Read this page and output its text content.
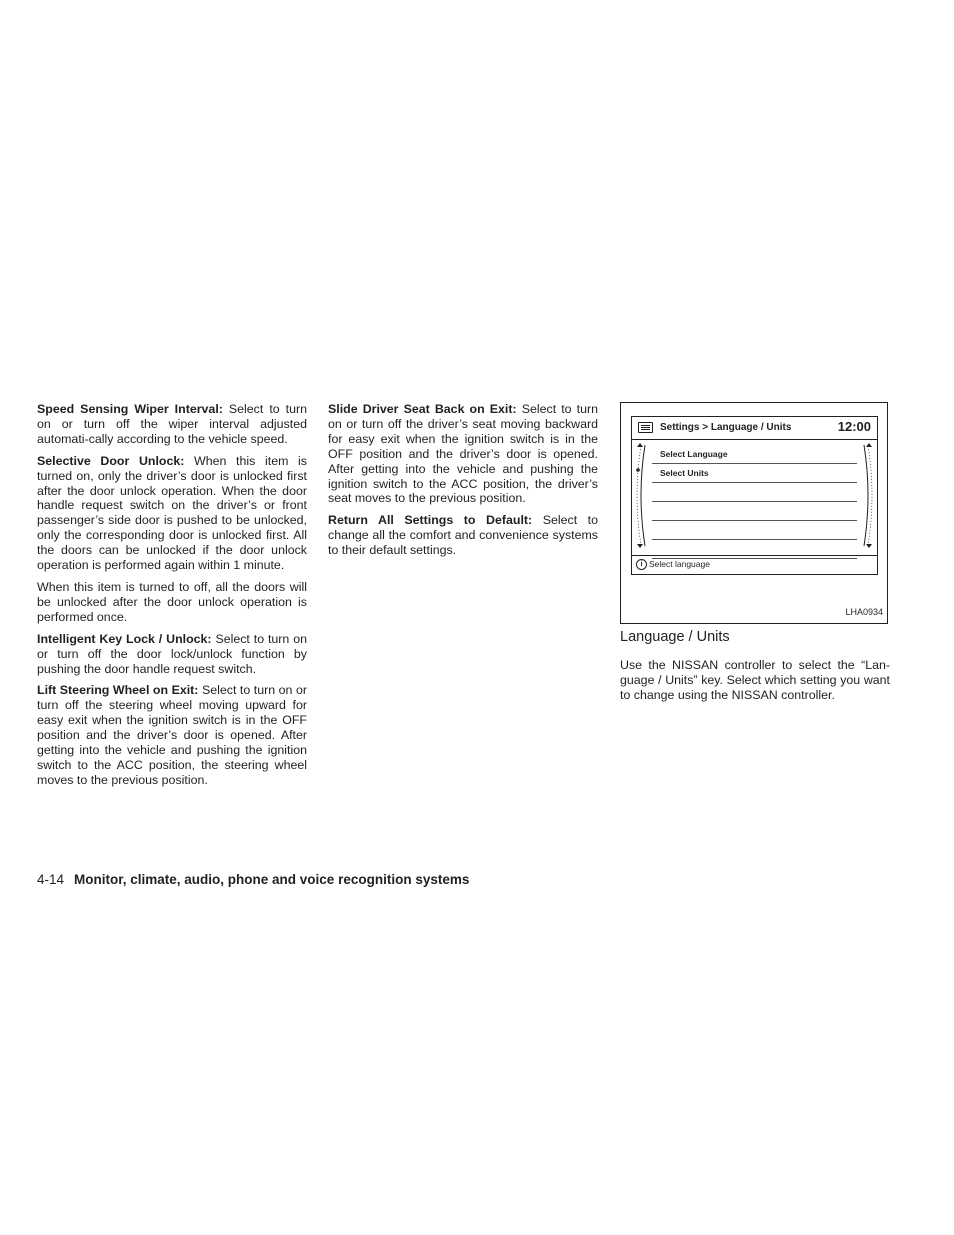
Speed Sensing Wiper Interval: Select to turn on or turn off the wiper interval adjusted automati-cally according to the vehicle speed.

Selective Door Unlock: When this item is turned on, only the driver’s door is unlocked first after the door unlock operation. When the door handle request switch on the driver’s or front passenger’s side door is pushed to be unlocked, only the corresponding door is unlocked first. All the doors can be unlocked if the door unlock operation is performed again within 1 minute.

When this item is turned to off, all the doors will be unlocked after the door unlock operation is performed once.

Intelligent Key Lock / Unlock: Select to turn on or turn off the door lock/unlock function by pushing the door handle request switch.

Lift Steering Wheel on Exit: Select to turn on or turn off the steering wheel moving upward for easy exit when the ignition switch is in the OFF position and the driver’s door is opened. After getting into the vehicle and pushing the ignition switch to the ACC position, the steering wheel moves to the previous position.

Slide Driver Seat Back on Exit: Select to turn on or turn off the driver’s seat moving backward for easy exit when the ignition switch is in the OFF position and the driver’s door is opened. After getting into the vehicle and pushing the ignition switch to the ACC position, the driver’s seat moves to the previous position.

Return All Settings to Default: Select to change all the comfort and convenience systems to their default settings.

Settings > Language / Units	12:00
Select Language
Select Units
i Select language
LHA0934
Language / Units

Use the NISSAN controller to select the “Lan-guage / Units” key. Select which setting you want to change using the NISSAN controller.

4-14 Monitor, climate, audio, phone and voice recognition systems
